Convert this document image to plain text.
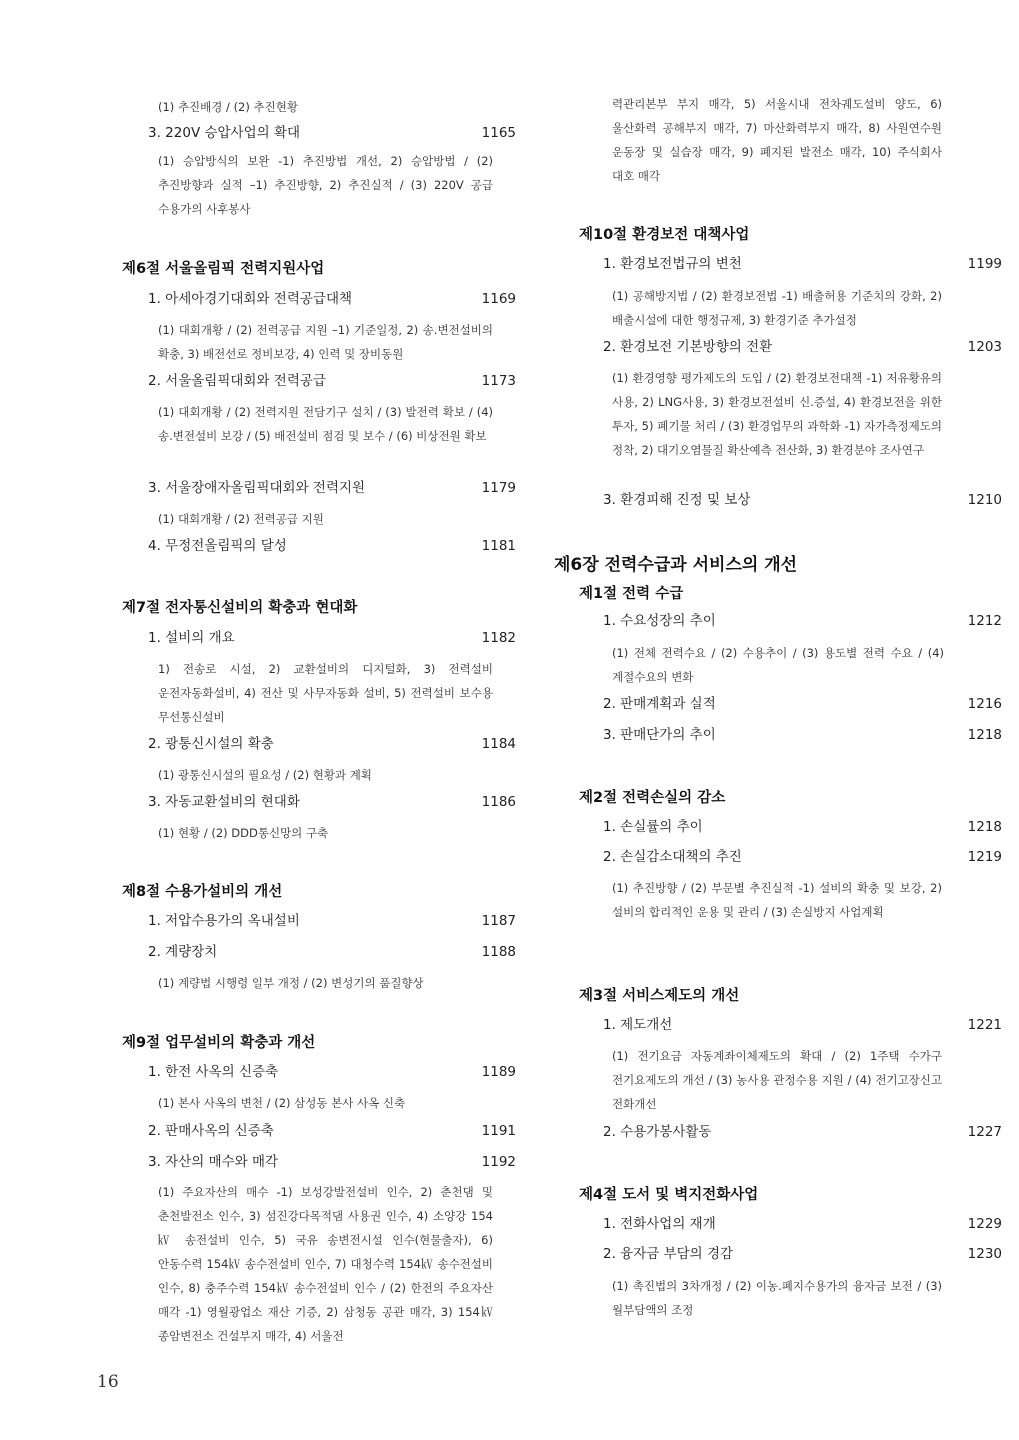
(1) 추진배경 / (2) 추진현황
3. 220V 승압사업의 확대	1165
(1) 승압방식의 보완 -1) 추진방법 개선, 2) 승압방법 / (2) 추진방향과 실적 –1) 추진방향, 2) 추진실적 / (3) 220V 공급 수용가의 사후봉사
제6절 서울올림픽 전력지원사업
1. 아세아경기대회와 전력공급대책	1169
(1) 대회개황 / (2) 전력공급 지원 –1) 기준일정, 2) 송.변전설비의 확충, 3) 배전선로 정비보강, 4) 인력 및 장비동원
2. 서울올림픽대회와 전력공급	1173
(1) 대회개황 / (2) 전력지원 전담기구 설치 / (3) 발전력 확보 / (4) 송.변전설비 보강 / (5) 배전설비 점검 및 보수 / (6) 비상전원 확보
3. 서울장애자올림픽대회와 전력지원	1179
(1) 대회개황 / (2) 전력공급 지원
4. 무정전올림픽의 달성	1181
제7절 전자통신설비의 확충과 현대화
1. 설비의 개요	1182
1) 전송로 시설, 2) 교환설비의 디지털화, 3) 전력설비 운전자동화설비, 4) 전산 및 사무자동화 설비, 5) 전력설비 보수용 무선통신설비
2. 광통신시설의 확충	1184
(1) 광통신시설의 필요성 / (2) 현황과 계획
3. 자동교환설비의 현대화	1186
(1) 현황 / (2) DDD통신망의 구축
제8절 수용가설비의 개선
1. 저압수용가의 옥내설비	1187
2. 계량장치	1188
(1) 계량법 시행령 일부 개정 / (2) 변성기의 품질향상
제9절 업무설비의 확충과 개선
1. 한전 사옥의 신증축	1189
(1) 본사 사옥의 변천 / (2) 삼성동 본사 사옥 신축
2. 판매사옥의 신증축	1191
3. 자산의 매수와 매각	1192
(1) 주요자산의 매수 -1) 보성강발전설비 인수, 2) 춘천댐 및 춘천발전소 인수, 3) 섬진강다목적댐 사용권 인수, 4) 소양강 154㎸ 송전설비 인수, 5) 국유 송변전시설 인수(현물출자), 6) 안동수력 154㎸ 송수전설비 인수, 7) 대청수력 154㎸ 송수전설비 인수, 8) 충주수력 154㎸ 송수전설비 인수 / (2) 한전의 주요자산 매각 -1) 영월광업소 재산 기증, 2) 삼청동 공관 매각, 3) 154㎸ 종암변전소 건설부지 매각, 4) 서울전
력관리본부 부지 매각, 5) 서울시내 전차궤도설비 양도, 6) 울산화력 공해부지 매각, 7) 마산화력부지 매각, 8) 사원연수원 운동장 및 실습장 매각, 9) 폐지된 발전소 매각, 10) 주식회사 대호 매각
제10절 환경보전 대책사업
1. 환경보전법규의 변천	1199
(1) 공해방지법 / (2) 환경보전법 -1) 배출허용 기준치의 강화, 2) 배출시설에 대한 행정규제, 3) 환경기준 추가설정
2. 환경보전 기본방향의 전환	1203
(1) 환경영향 평가제도의 도입 / (2) 환경보전대책 -1) 저유황유의 사용, 2) LNG사용, 3) 환경보전설비 신.증설, 4) 환경보전을 위한 투자, 5) 폐기물 처리 / (3) 환경업무의 과학화 -1) 자가측정제도의 정착, 2) 대기오염물질 확산예측 전산화, 3) 환경분야 조사연구
3. 환경피해 진정 및 보상	1210
제6장 전력수급과 서비스의 개선
제1절 전력 수급
1. 수요성장의 추이	1212
(1) 전체 전력수요 / (2) 수용추이 / (3) 용도별 전력 수요 / (4) 계절수요의 변화
2. 판매계획과 실적	1216
3. 판매단가의 추이	1218
제2절 전력손실의 감소
1. 손실률의 추이	1218
2. 손실감소대책의 추진	1219
(1) 추진방향 / (2) 부문별 추진실적 -1) 설비의 확충 및 보강, 2) 설비의 합리적인 운용 및 관리 / (3) 손실방지 사업계획
제3절 서비스제도의 개선
1. 제도개선	1221
(1) 전기요금 자동계좌이체제도의 확대 / (2) 1주택 수가구 전기요제도의 개선 / (3) 농사용 관정수용 지원 / (4) 전기고장신고 전화개선
2. 수용가봉사활동	1227
제4절 도서 및 벽지전화사업
1. 전화사업의 재개	1229
2. 융자금 부담의 경감	1230
(1) 촉진법의 3차개정 / (2) 이농.폐지수용가의 융자금 보전 / (3) 월부담액의 조정
16
